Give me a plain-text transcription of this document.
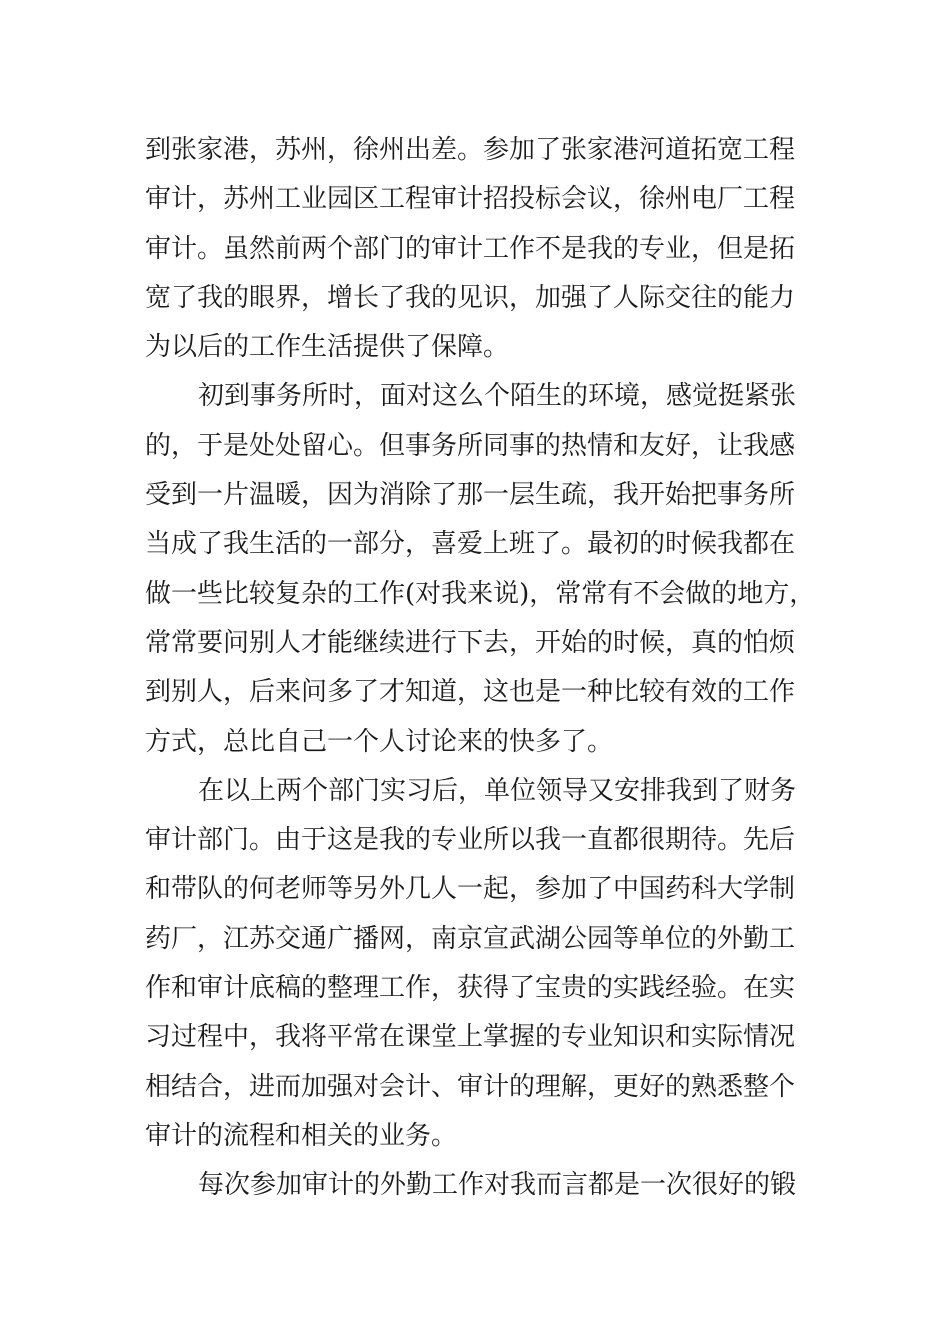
到张家港，苏州，徐州出差。参加了张家港河道拓宽工程
审计，苏州工业园区工程审计招投标会议，徐州电厂工程
审计。虽然前两个部门的审计工作不是我的专业，但是拓
宽了我的眼界，增长了我的见识，加强了人际交往的能力
为以后的工作生活提供了保障。
初到事务所时，面对这么个陌生的环境，感觉挺紧张
的，于是处处留心。但事务所同事的热情和友好，让我感
受到一片温暖，因为消除了那一层生疏，我开始把事务所
当成了我生活的一部分，喜爱上班了。最初的时候我都在
做一些比较复杂的工作(对我来说)，常常有不会做的地方，
常常要问别人才能继续进行下去，开始的时候，真的怕烦
到别人，后来问多了才知道，这也是一种比较有效的工作
方式，总比自己一个人讨论来的快多了。
在以上两个部门实习后，单位领导又安排我到了财务
审计部门。由于这是我的专业所以我一直都很期待。先后
和带队的何老师等另外几人一起，参加了中国药科大学制
药厂，江苏交通广播网，南京宣武湖公园等单位的外勤工
作和审计底稿的整理工作，获得了宝贵的实践经验。在实
习过程中，我将平常在课堂上掌握的专业知识和实际情况
相结合，进而加强对会计、审计的理解，更好的熟悉整个
审计的流程和相关的业务。
每次参加审计的外勤工作对我而言都是一次很好的锻
